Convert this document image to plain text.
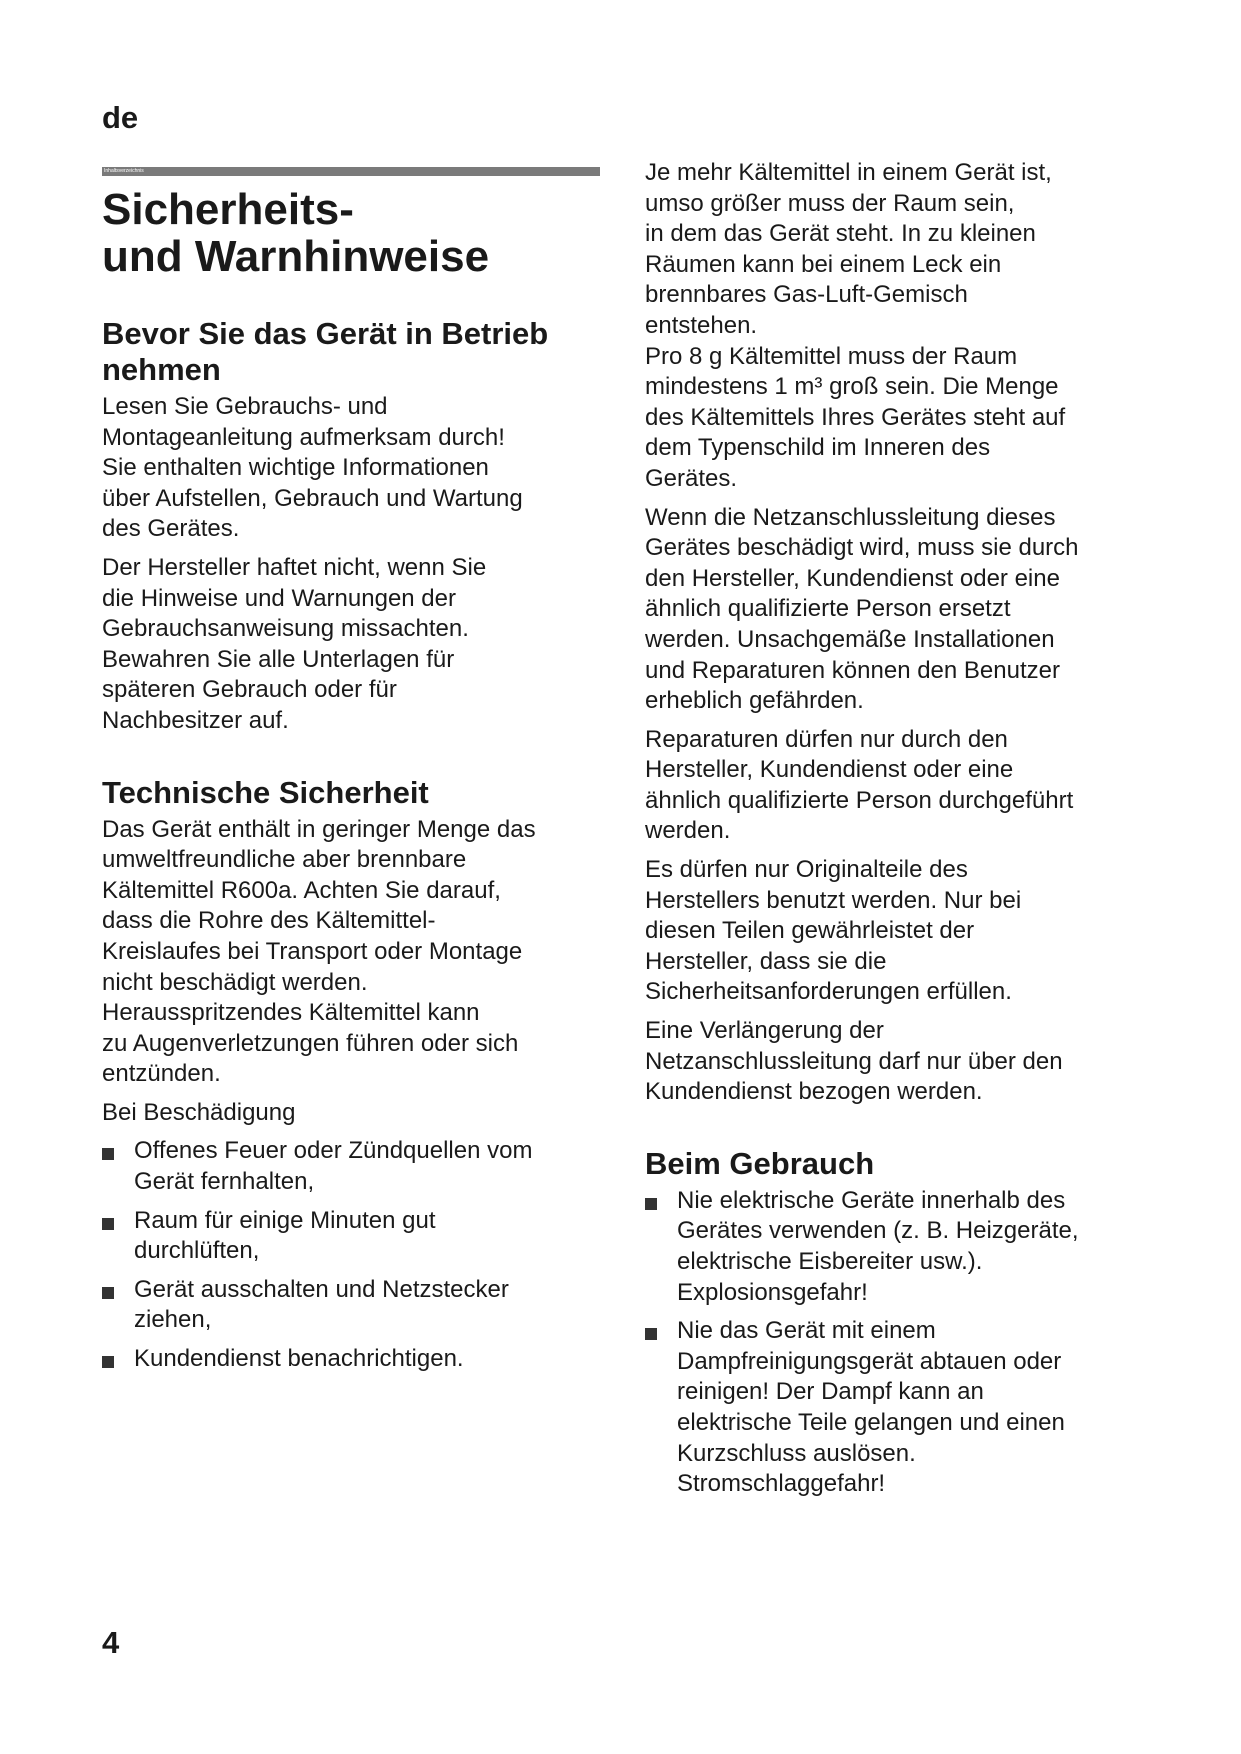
de
Inhaltsverzeichnis
Sicherheits-
und Warnhinweise
Bevor Sie das Gerät in Betrieb
nehmen

Lesen Sie Gebrauchs- und
Montageanleitung aufmerksam durch!
Sie enthalten wichtige Informationen
über Aufstellen, Gebrauch und Wartung
des Gerätes.

Der Hersteller haftet nicht, wenn Sie
die Hinweise und Warnungen der
Gebrauchsanweisung missachten.
Bewahren Sie alle Unterlagen für
späteren Gebrauch oder für
Nachbesitzer auf.

Technische Sicherheit

Das Gerät enthält in geringer Menge das
umweltfreundliche aber brennbare
Kältemittel R600a. Achten Sie darauf,
dass die Rohre des Kältemittel-
Kreislaufes bei Transport oder Montage
nicht beschädigt werden.
Herausspritzendes Kältemittel kann
zu Augenverletzungen führen oder sich
entzünden.

Bei Beschädigung

Offenes Feuer oder Zündquellen vom
Gerät fernhalten,
Raum für einige Minuten gut
durchlüften,
Gerät ausschalten und Netzstecker
ziehen,
Kundendienst benachrichtigen.

Je mehr Kältemittel in einem Gerät ist,
umso größer muss der Raum sein,
in dem das Gerät steht. In zu kleinen
Räumen kann bei einem Leck ein
brennbares Gas-Luft-Gemisch
entstehen.
Pro 8 g Kältemittel muss der Raum
mindestens 1 m³ groß sein. Die Menge
des Kältemittels Ihres Gerätes steht auf
dem Typenschild im Inneren des
Gerätes.

Wenn die Netzanschlussleitung dieses
Gerätes beschädigt wird, muss sie durch
den Hersteller, Kundendienst oder eine
ähnlich qualifizierte Person ersetzt
werden. Unsachgemäße Installationen
und Reparaturen können den Benutzer
erheblich gefährden.

Reparaturen dürfen nur durch den
Hersteller, Kundendienst oder eine
ähnlich qualifizierte Person durchgeführt
werden.

Es dürfen nur Originalteile des
Herstellers benutzt werden. Nur bei
diesen Teilen gewährleistet der
Hersteller, dass sie die
Sicherheitsanforderungen erfüllen.

Eine Verlängerung der
Netzanschlussleitung darf nur über den
Kundendienst bezogen werden.

Beim Gebrauch
Nie elektrische Geräte innerhalb des
Gerätes verwenden (z. B. Heizgeräte,
elektrische Eisbereiter usw.).
Explosionsgefahr!
Nie das Gerät mit einem
Dampfreinigungsgerät abtauen oder
reinigen! Der Dampf kann an
elektrische Teile gelangen und einen
Kurzschluss auslösen.
Stromschlaggefahr!
4
